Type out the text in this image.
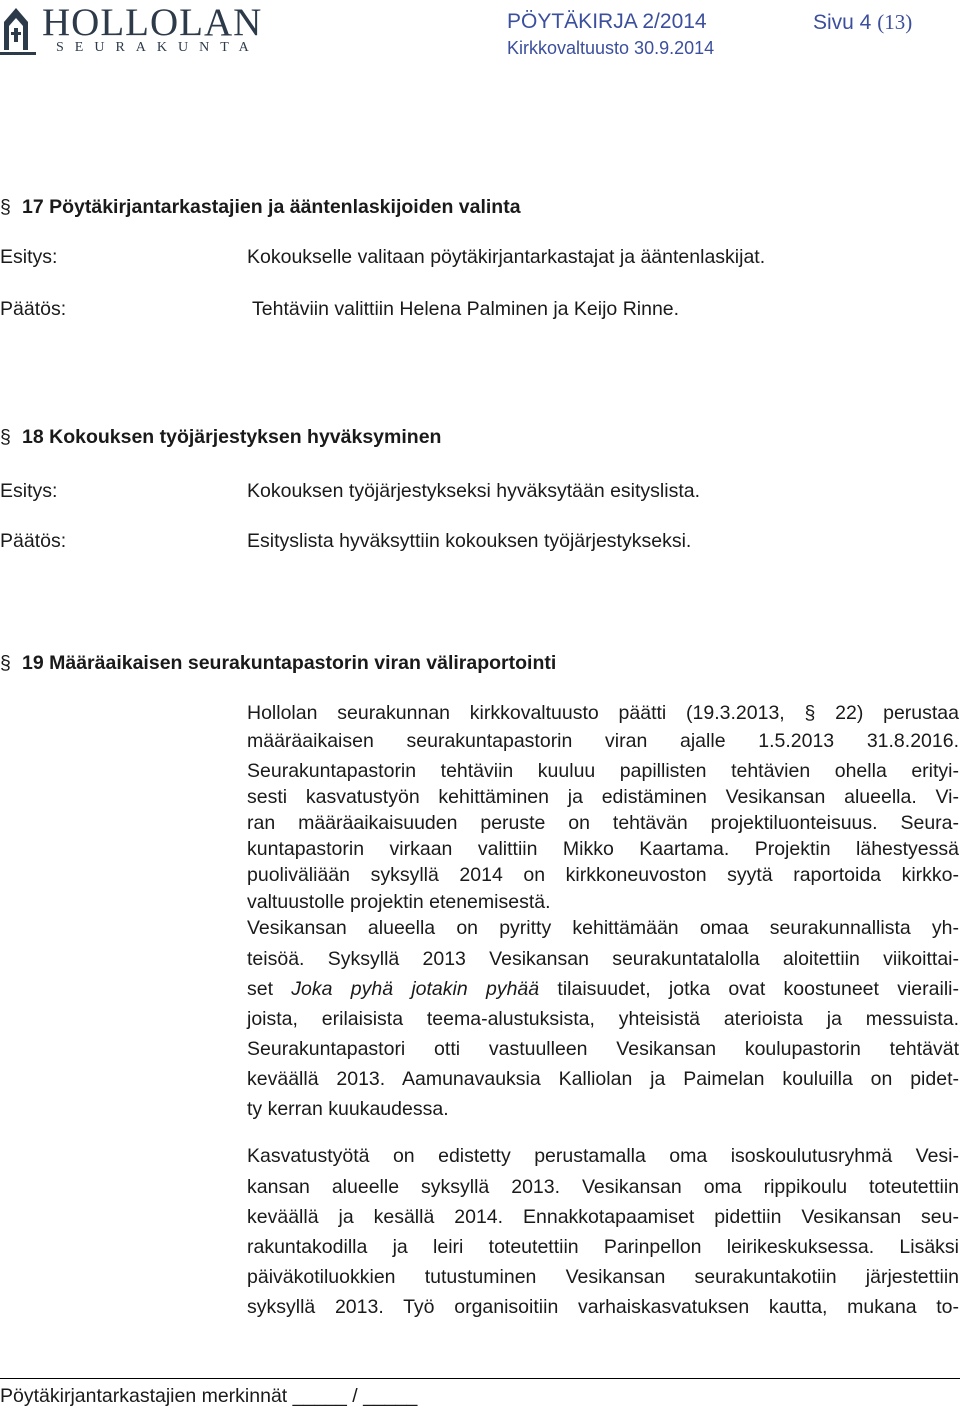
HOLLOLAN
SEURAKUNTA
PÖYTÄKIRJA 2/2014	Sivu 4 (13)
Kirkkovaltuusto 30.9.2014
§ 17 Pöytäkirjantarkastajien ja ääntenlaskijoiden valinta
Esitys:	Kokoukselle valitaan pöytäkirjantarkastajat ja ääntenlaskijat.
Päätös:	Tehtäviin valittiin Helena Palminen ja Keijo Rinne.
§ 18 Kokouksen työjärjestyksen hyväksyminen
Esitys:	Kokouksen työjärjestykseksi hyväksytään esityslista.
Päätös:	Esityslista hyväksyttiin kokouksen työjärjestykseksi.
§ 19 Määräaikaisen seurakuntapastorin viran väliraportointi
Hollolan seurakunnan kirkkovaltuusto päätti (19.3.2013, § 22) perustaa
määräaikaisen seurakuntapastorin viran ajalle 1.5.2013 31.8.2016.
Seurakuntapastorin tehtäviin kuuluu papillisten tehtävien ohella erityi-
sesti kasvatustyön kehittäminen ja edistäminen Vesikansan alueella. Vi-
ran määräaikaisuuden peruste on tehtävän projektiluonteisuus. Seura-
kuntapastorin virkaan valittiin Mikko Kaartama. Projektin lähestyessä
puoliväliään syksyllä 2014 on kirkkoneuvoston syytä raportoida kirkko-
valtuustolle projektin etenemisestä.
Vesikansan alueella on pyritty kehittämään omaa seurakunnallista yh-
teisöä. Syksyllä 2013 Vesikansan seurakuntatalolla aloitettiin viikoittai-
set Joka pyhä jotakin pyhää tilaisuudet, jotka ovat koostuneet vieraili-
joista, erilaisista teema-alustuksista, yhteisistä aterioista ja messuista.
Seurakuntapastori otti vastuulleen Vesikansan koulupastorin tehtävät
keväällä 2013. Aamunavauksia Kalliolan ja Paimelan kouluilla on pidet-
ty kerran kuukaudessa.
Kasvatustyötä on edistetty perustamalla oma isoskoulutusryhmä Vesi-
kansan alueelle syksyllä 2013. Vesikansan oma rippikoulu toteutettiin
keväällä ja kesällä 2014. Ennakkotapaamiset pidettiin Vesikansan seu-
rakuntakodilla ja leiri toteutettiin Parinpellon leirikeskuksessa. Lisäksi
päiväkotiluokkien tutustuminen Vesikansan seurakuntakotiin järjestettiin
syksyllä 2013. Työ organisoitiin varhaiskasvatuksen kautta, mukana to-
Pöytäkirjantarkastajien merkinnät _____ / _____
